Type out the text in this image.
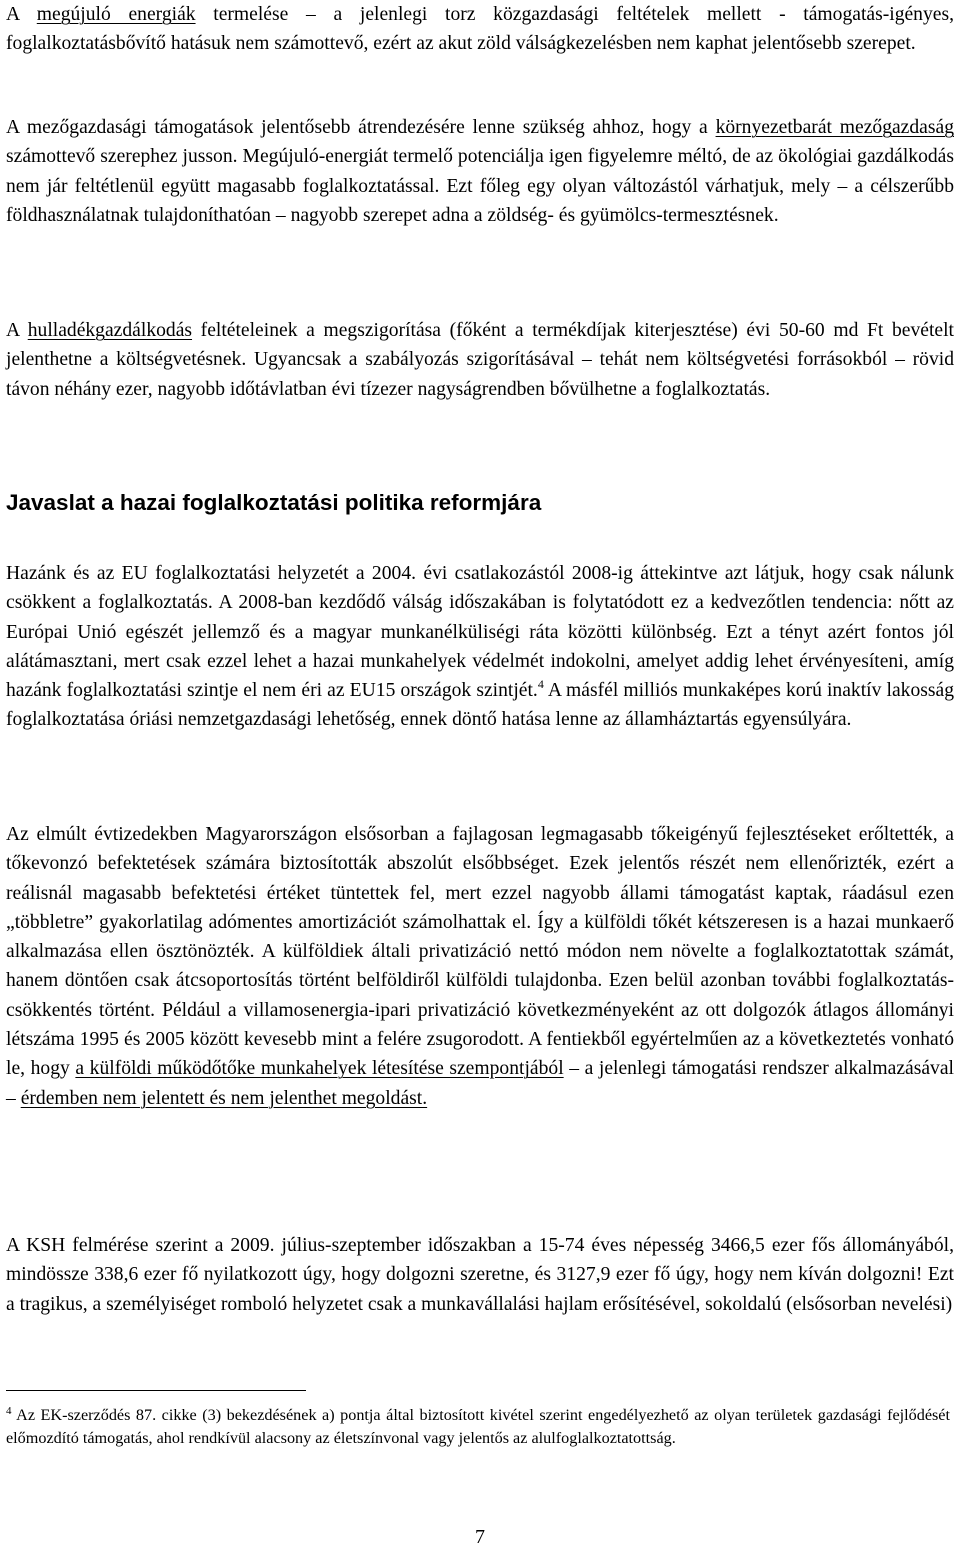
A megújuló energiák termelése – a jelenlegi torz közgazdasági feltételek mellett - támogatás-igényes, foglalkoztatásbővítő hatásuk nem számottevő, ezért az akut zöld válságkezelésben nem kaphat jelentősebb szerepet.

A mezőgazdasági támogatások jelentősebb átrendezésére lenne szükség ahhoz, hogy a környezetbarát mezőgazdaság számottevő szerephez jusson. Megújuló-energiát termelő potenciálja igen figyelemre méltó, de az ökológiai gazdálkodás nem jár feltétlenül együtt magasabb foglalkoztatással. Ezt főleg egy olyan változástól várhatjuk, mely – a célszerűbb földhasználatnak tulajdoníthatóan – nagyobb szerepet adna a zöldség- és gyümölcs-termesztésnek.

A hulladékgazdálkodás feltételeinek a megszigorítása (főként a termékdíjak kiterjesztése) évi 50-60 md Ft bevételt jelenthetne a költségvetésnek. Ugyancsak a szabályozás szigorításával – tehát nem költségvetési forrásokból – rövid távon néhány ezer, nagyobb időtávlatban évi tízezer nagyságrendben bővülhetne a foglalkoztatás.

Javaslat a hazai foglalkoztatási politika reformjára

Hazánk és az EU foglalkoztatási helyzetét a 2004. évi csatlakozástól 2008-ig áttekintve azt látjuk, hogy csak nálunk csökkent a foglalkoztatás. A 2008-ban kezdődő válság időszakában is folytatódott ez a kedvezőtlen tendencia: nőtt az Európai Unió egészét jellemző és a magyar munkanélküliségi ráta közötti különbség. Ezt a tényt azért fontos jól alátámasztani, mert csak ezzel lehet a hazai munkahelyek védelmét indokolni, amelyet addig lehet érvényesíteni, amíg hazánk foglalkoztatási szintje el nem éri az EU15 országok szintjét.$^4$ A másfél milliós munkaképes korú inaktív lakosság foglalkoztatása óriási nemzetgazdasági lehetőség, ennek döntő hatása lenne az államháztartás egyensúlyára.

Az elmúlt évtizedekben Magyarországon elsősorban a fajlagosan legmagasabb tőkeigényű fejlesztéseket erőltették, a tőkevonzó befektetések számára biztosították abszolút elsőbbséget. Ezek jelentős részét nem ellenőrizték, ezért a reálisnál magasabb befektetési értéket tüntettek fel, mert ezzel nagyobb állami támogatást kaptak, ráadásul ezen „többletre” gyakorlatilag adómentes amortizációt számolhattak el. Így a külföldi tőkét kétszeresen is a hazai munkaerő alkalmazása ellen ösztönözték. A külföldiek általi privatizáció nettó módon nem növelte a foglalkoztatottak számát, hanem döntően csak átcsoportosítás történt belföldiről külföldi tulajdonba. Ezen belül azonban további foglalkoztatás-csökkentés történt. Például a villamosenergia-ipari privatizáció következményeként az ott dolgozók átlagos állományi létszáma 1995 és 2005 között kevesebb mint a felére zsugorodott. A fentiekből egyértelműen az a következtetés vonható le, hogy a külföldi működőtőke munkahelyek létesítése szempontjából – a jelenlegi támogatási rendszer alkalmazásával – érdemben nem jelentett és nem jelenthet megoldást.

A KSH felmérése szerint a 2009. július-szeptember időszakban a 15-74 éves népesség 3466,5 ezer fős állományából, mindössze 338,6 ezer fő nyilatkozott úgy, hogy dolgozni szeretne, és 3127,9 ezer fő úgy, hogy nem kíván dolgozni! Ezt a tragikus, a személyiséget romboló helyzetet csak a munkavállalási hajlam erősítésével, sokoldalú (elsősorban nevelési)

$^4$ Az EK-szerződés 87. cikke (3) bekezdésének a) pontja által biztosított kivétel szerint engedélyezhető az olyan területek gazdasági fejlődését előmozdító támogatás, ahol rendkívül alacsony az életszínvonal vagy jelentős az alulfoglalkoztatottság.

7
